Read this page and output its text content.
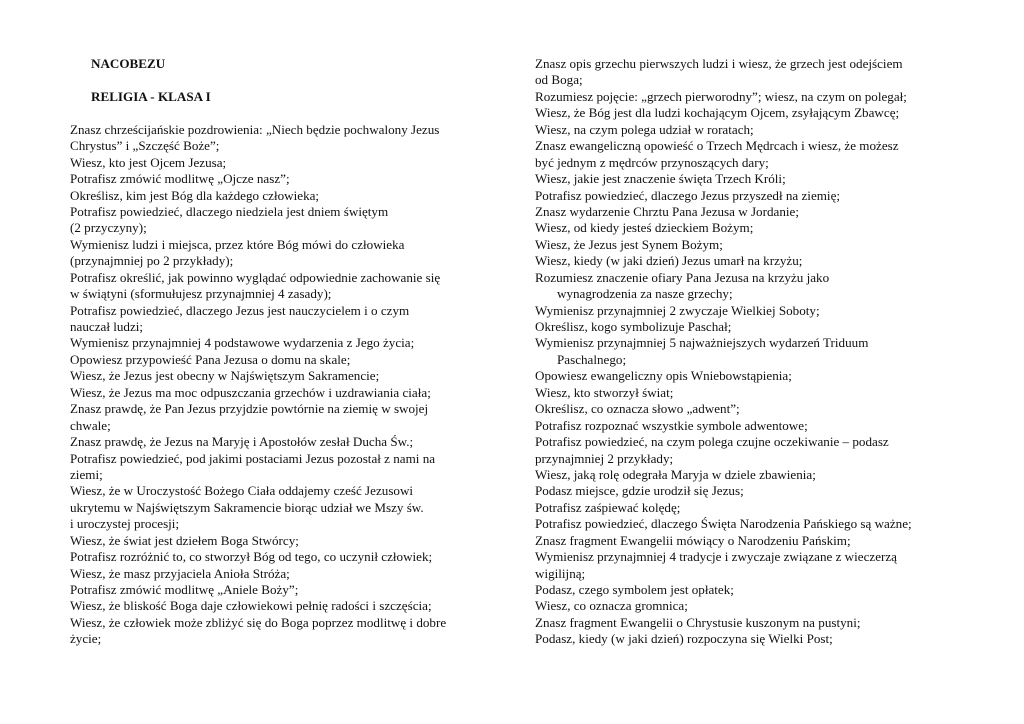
NACOBEZU
RELIGIA - KLASA I
Znasz chrześcijańskie pozdrowienia: „Niech będzie pochwalony Jezus
Chrystus” i „Szczęść Boże”;
Wiesz, kto jest Ojcem Jezusa;
Potrafisz zmówić modlitwę „Ojcze nasz”;
Określisz, kim jest Bóg dla każdego człowieka;
Potrafisz powiedzieć, dlaczego niedziela jest dniem świętym
(2 przyczyny);
Wymienisz ludzi i miejsca, przez które Bóg mówi do człowieka
(przynajmniej po 2 przykłady);
Potrafisz określić, jak powinno wyglądać odpowiednie zachowanie się
w świątyni (sformułujesz przynajmniej 4 zasady);
Potrafisz powiedzieć, dlaczego Jezus jest nauczycielem i o czym
nauczał ludzi;
Wymienisz przynajmniej 4 podstawowe wydarzenia z Jego życia;
Opowiesz przypowieść Pana Jezusa o domu na skale;
Wiesz, że Jezus jest obecny w Najświętszym Sakramencie;
Wiesz, że Jezus ma moc odpuszczania grzechów i uzdrawiania ciała;
Znasz prawdę, że Pan Jezus przyjdzie powtórnie na ziemię w swojej
chwale;
Znasz prawdę, że Jezus na Maryję i Apostołów zesłał Ducha Św.;
Potrafisz powiedzieć, pod jakimi postaciami Jezus pozostał z nami na
ziemi;
Wiesz, że w Uroczystość Bożego Ciała oddajemy cześć Jezusowi
ukrytemu w Najświętszym Sakramencie biorąc udział we Mszy św.
i uroczystej procesji;
Wiesz, że świat jest dziełem Boga Stwórcy;
Potrafisz rozróżnić to, co stworzył Bóg od tego, co uczynił człowiek;
Wiesz, że masz przyjaciela Anioła Stróża;
Potrafisz zmówić modlitwę „Aniele Boży”;
Wiesz, że bliskość Boga daje człowiekowi pełnię radości i szczęścia;
Wiesz, że człowiek może zbliżyć się do Boga poprzez modlitwę i dobre
życie;
Znasz opis grzechu pierwszych ludzi i wiesz, że grzech jest odejściem
od Boga;
Rozumiesz pojęcie: „grzech pierworodny”; wiesz, na czym on polegał;
Wiesz, że Bóg jest dla ludzi kochającym Ojcem, zsyłającym Zbawcę;
Wiesz, na czym polega udział w roratach;
Znasz ewangeliczną opowieść o Trzech Mędrcach i wiesz, że możesz
być jednym z mędrców przynoszących dary;
Wiesz, jakie jest znaczenie święta Trzech Króli;
Potrafisz powiedzieć, dlaczego Jezus przyszedł na ziemię;
Znasz wydarzenie Chrztu Pana Jezusa w Jordanie;
Wiesz, od kiedy jesteś dzieckiem Bożym;
Wiesz, że Jezus jest Synem Bożym;
Wiesz, kiedy (w jaki dzień) Jezus umarł na krzyżu;
Rozumiesz znaczenie ofiary Pana Jezusa na krzyżu jako
wynagrodzenia za nasze grzechy;
Wymienisz przynajmniej 2 zwyczaje Wielkiej Soboty;
Określisz, kogo symbolizuje Paschał;
Wymienisz przynajmniej 5 najważniejszych wydarzeń Triduum
Paschalnego;
Opowiesz ewangeliczny opis Wniebowstąpienia;
Wiesz, kto stworzył świat;
Określisz, co oznacza słowo „adwent”;
Potrafisz rozpoznać wszystkie symbole adwentowe;
Potrafisz powiedzieć, na czym polega czujne oczekiwanie – podasz
przynajmniej 2 przykłady;
Wiesz, jaką rolę odegrała Maryja w dziele zbawienia;
Podasz miejsce, gdzie urodził się Jezus;
Potrafisz zaśpiewać kolędę;
Potrafisz powiedzieć, dlaczego Święta Narodzenia Pańskiego są ważne;
Znasz fragment Ewangelii mówiący o Narodzeniu Pańskim;
Wymienisz przynajmniej 4 tradycje i zwyczaje związane z wieczerzą
wigilijną;
Podasz, czego symbolem jest opłatek;
Wiesz, co oznacza gromnica;
Znasz fragment Ewangelii o Chrystusie kuszonym na pustyni;
Podasz, kiedy (w jaki dzień) rozpoczyna się Wielki Post;
